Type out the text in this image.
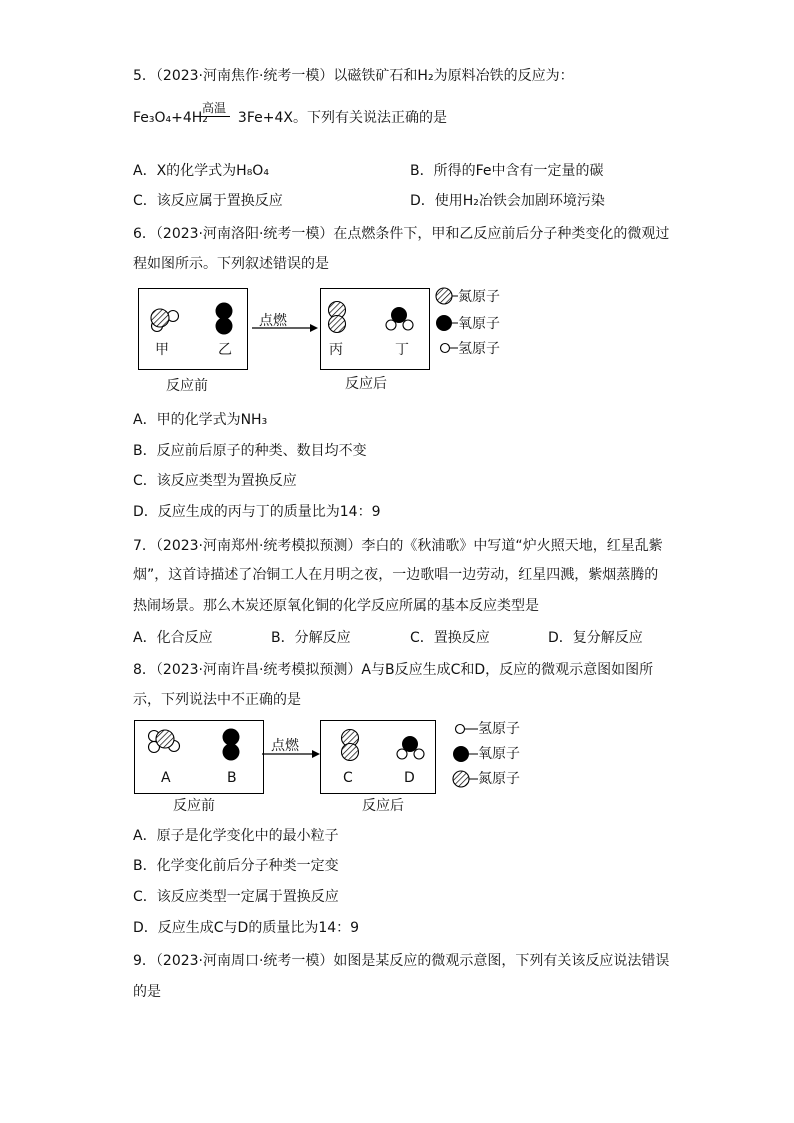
5．（2023·河南焦作·统考一模）以磁铁矿石和H₂为原料冶铁的反应为：
高温
Fe₃O₄+4H₂ 3Fe+4X。下列有关说法正确的是
A．X的化学式为H₈O₄	B．所得的Fe中含有一定量的碳
C．该反应属于置换反应	D．使用H₂冶铁会加剧环境污染
6．（2023·河南洛阳·统考一模）在点燃条件下，甲和乙反应前后分子种类变化的微观过
程如图所示。下列叙述错误的是
甲	乙
点燃
丙	丁
反应前	反应后
氮原子
氧原子
氢原子
A．甲的化学式为NH₃
B．反应前后原子的种类、数目均不变
C．该反应类型为置换反应
D．反应生成的丙与丁的质量比为14：9
7．（2023·河南郑州·统考模拟预测）李白的《秋浦歌》中写道“炉火照天地，红星乱紫
烟”，这首诗描述了冶铜工人在月明之夜，一边歌唱一边劳动，红星四溅，紫烟蒸腾的
热闹场景。那么木炭还原氧化铜的化学反应所属的基本反应类型是
A．化合反应	B．分解反应	C．置换反应	D．复分解反应
8．（2023·河南许昌·统考模拟预测）A与B反应生成C和D，反应的微观示意图如图所
示，下列说法中不正确的是
A	B
点燃
C	D
反应前	反应后
氢原子
氧原子
氮原子
A．原子是化学变化中的最小粒子
B．化学变化前后分子种类一定变
C．该反应类型一定属于置换反应
D．反应生成C与D的质量比为14：9
9．（2023·河南周口·统考一模）如图是某反应的微观示意图，下列有关该反应说法错误
的是
